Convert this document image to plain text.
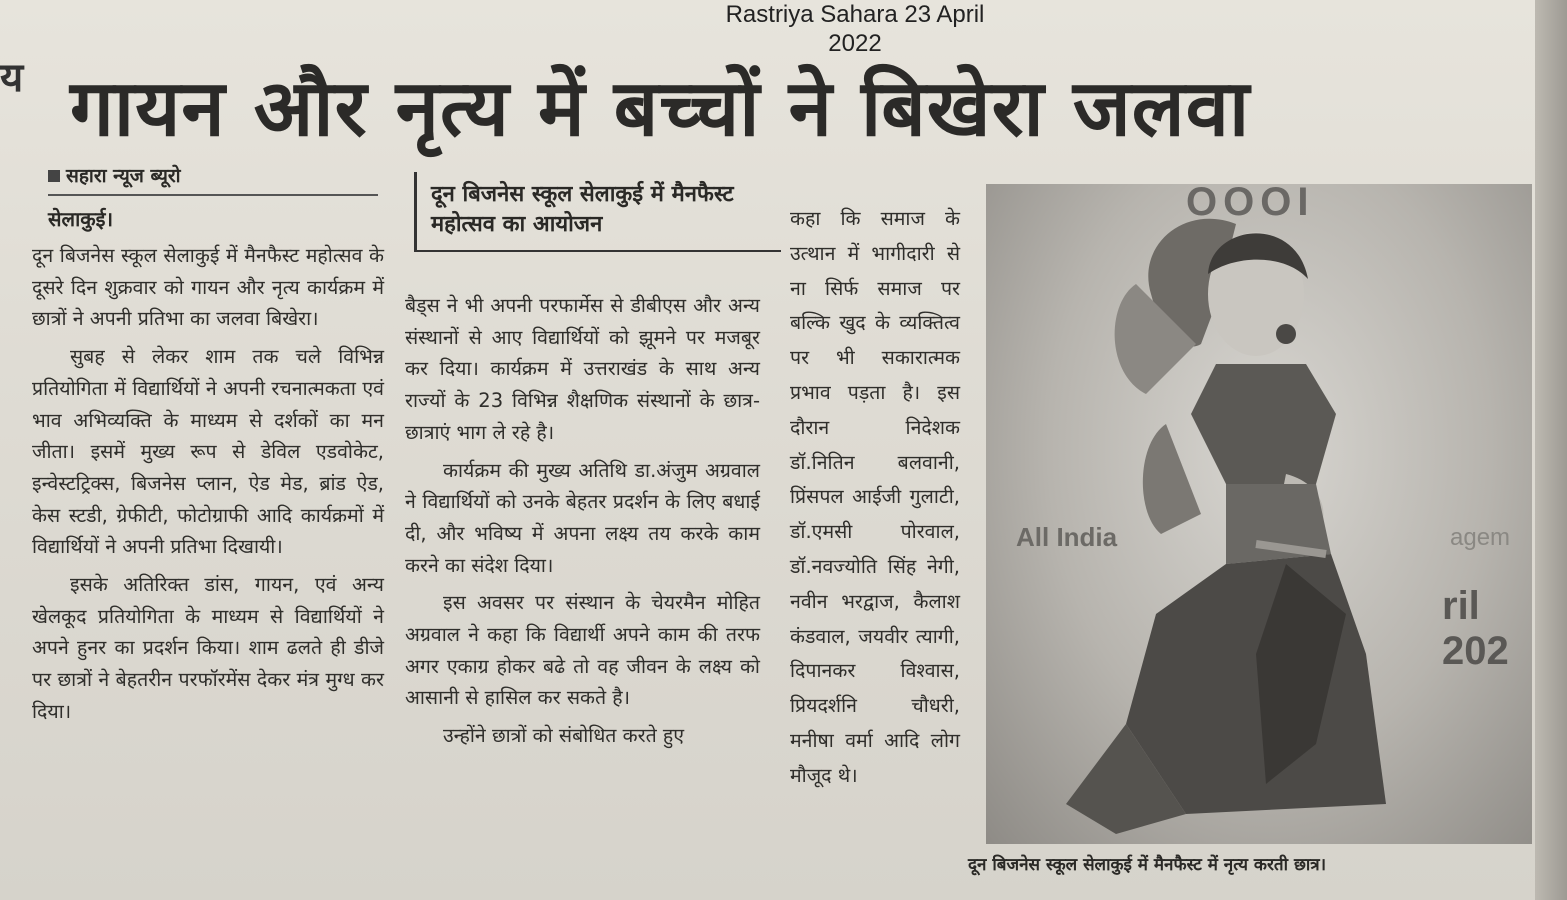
Rastriya Sahara 23 April 2022
य गायन और नृत्य में बच्चों ने बिखेरा जलवा
सहारा न्यूज ब्यूरो
सेलाकुई।

दून बिजनेस स्कूल सेलाकुई में मैनफैस्ट महोत्सव के दूसरे दिन शुक्रवार को गायन और नृत्य कार्यक्रम में छात्रों ने अपनी प्रतिभा का जलवा बिखेरा।

सुबह से लेकर शाम तक चले विभिन्न प्रतियोगिता में विद्यार्थियों ने अपनी रचनात्मकता एवं भाव अभिव्यक्ति के माध्यम से दर्शकों का मन जीता। इसमें मुख्य रूप से डेविल एडवोकेट, इन्वेस्टट्रिक्स, बिजनेस प्लान, ऐड मेड, ब्रांड ऐड, केस स्टडी, ग्रेफीटी, फोटोग्राफी आदि कार्यक्रमों में विद्यार्थियों ने अपनी प्रतिभा दिखायी।

इसके अतिरिक्त डांस, गायन, एवं अन्य खेलकूद प्रतियोगिता के माध्यम से विद्यार्थियों ने अपने हुनर का प्रदर्शन किया। शाम ढलते ही डीजे पर छात्रों ने बेहतरीन परफॉरमेंस देकर मंत्र मुग्ध कर दिया।

दून बिजनेस स्कूल सेलाकुई में मैनफैस्ट महोत्सव का आयोजन

बैड्स ने भी अपनी परफार्मेस से डीबीएस और अन्य संस्थानों से आए विद्यार्थियों को झूमने पर मजबूर कर दिया। कार्यक्रम में उत्तराखंड के साथ अन्य राज्यों के 23 विभिन्न शैक्षणिक संस्थानों के छात्र-छात्राएं भाग ले रहे है।

कार्यक्रम की मुख्य अतिथि डा.अंजुम अग्रवाल ने विद्यार्थियों को उनके बेहतर प्रदर्शन के लिए बधाई दी, और भविष्य में अपना लक्ष्य तय करके काम करने का संदेश दिया।

इस अवसर पर संस्थान के चेयरमैन मोहित अग्रवाल ने कहा कि विद्यार्थी अपने काम की तरफ अगर एकाग्र होकर बढे तो वह जीवन के लक्ष्य को आसानी से हासिल कर सकते है।

उन्होंने छात्रों को संबोधित करते हुए

कहा कि समाज के उत्थान में भागीदारी से ना सिर्फ समाज पर बल्कि खुद के व्यक्तित्व पर भी सकारात्मक प्रभाव पड़ता है। इस दौरान निदेशक डॉ.नितिन बलवानी, प्रिंसपल आईजी गुलाटी, डॉ.एमसी पोरवाल, डॉ.नवज्योति सिंह नेगी, नवीन भरद्वाज, कैलाश कंडवाल, जयवीर त्यागी, दिपानकर विश्वास, प्रियदर्शनि चौधरी, मनीषा वर्मा आदि लोग मौजूद थे।

OOOI
All India	agem
ril 202
दून बिजनेस स्कूल सेलाकुई में मैनफैस्ट में नृत्य करती छात्र।
